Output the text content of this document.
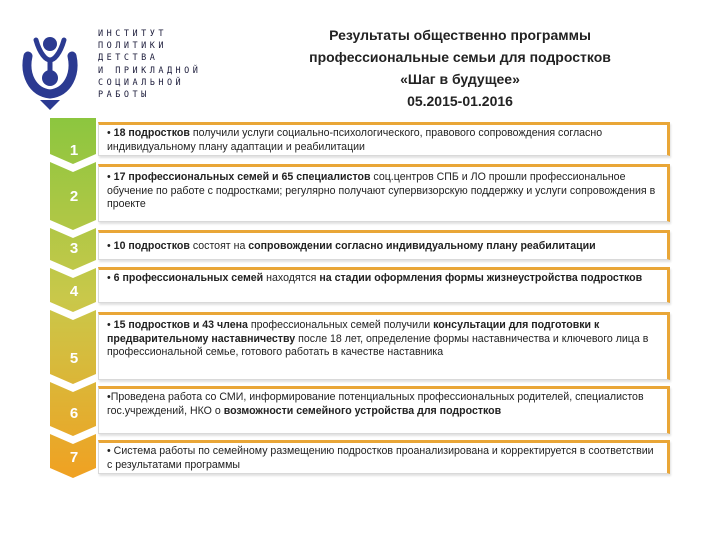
ИНСТИТУТ
ПОЛИТИКИ
ДЕТСТВА
И ПРИКЛАДНОЙ
СОЦИАЛЬНОЙ
РАБОТЫ
Результаты общественно программы
профессиональные семьи для подростков
«Шаг в будущее»
05.2015-01.2016
1
• 18 подростков получили услуги социально-психологического, правового сопровождения согласно индивидуальному плану адаптации и реабилитации
2
• 17 профессиональных семей и 65 специалистов соц.центров СПБ и ЛО прошли профессиональное обучение по работе с подростками; регулярно получают супервизорскую поддержку и услуги сопровождения в проекте
3	• 10 подростков состоят на сопровождении согласно индивидуальному плану реабилитации
4
• 6 профессиональных семей находятся на стадии оформления формы жизнеустройства подростков
5
• 15 подростков и 43 члена профессиональных семей получили консультации для подготовки к предварительному наставничеству после 18 лет, определение формы наставничества и ключевого лица в профессиональной семье, готового работать в качестве наставника
6
•Проведена работа со СМИ, информирование потенциальных профессиональных родителей, специалистов гос.учреждений, НКО о возможности семейного устройства для подростков
7	• Система работы по семейному размещению подростков проанализирована и корректируется в соответствии с результатами программы
